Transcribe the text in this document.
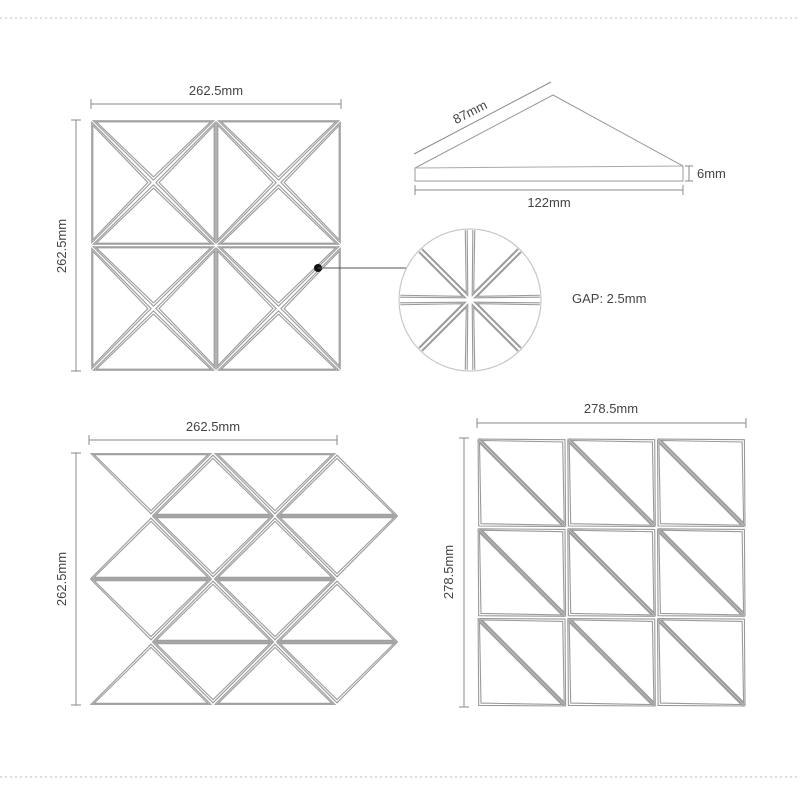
262.5mm
262.5mm
87mm
122mm
6mm
GAP: 2.5mm
262.5mm
262.5mm
278.5mm
278.5mm
